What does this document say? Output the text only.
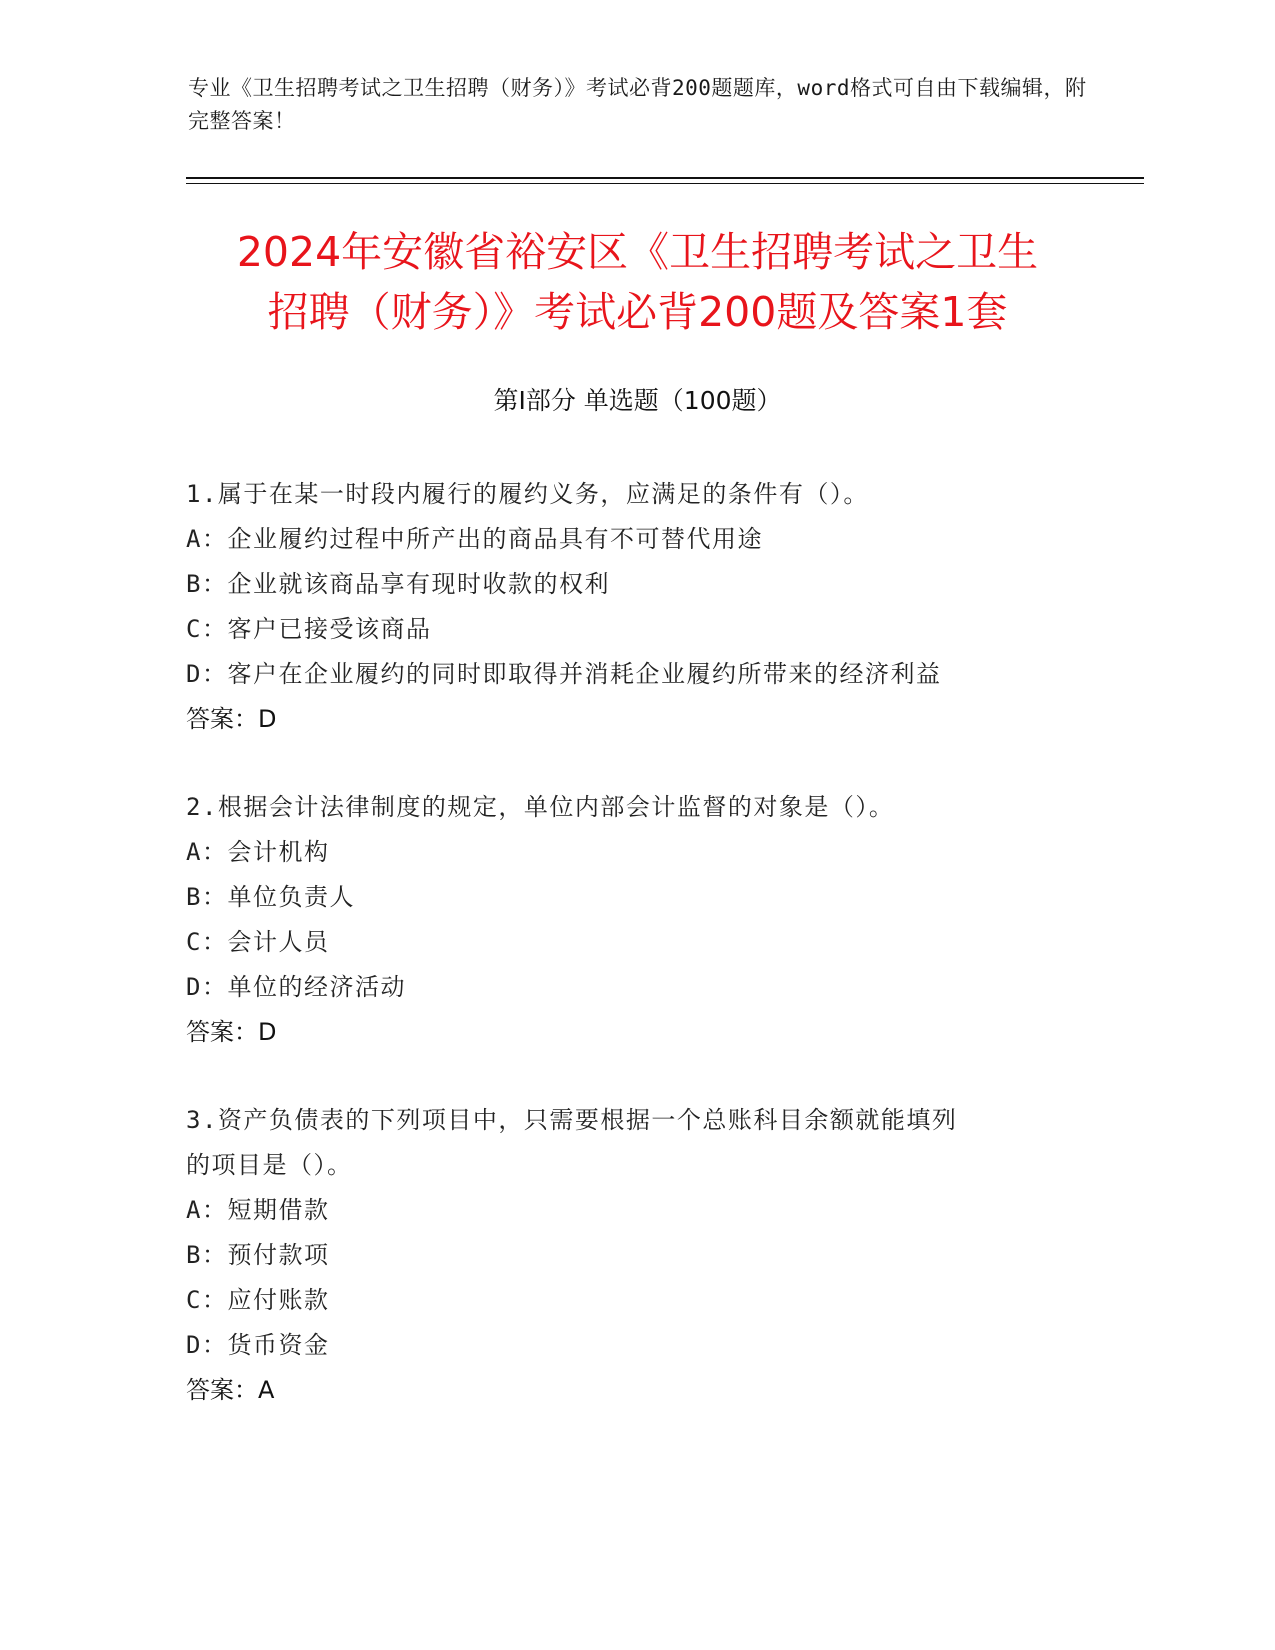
专业《卫生招聘考试之卫生招聘（财务）》考试必背200题题库，word格式可自由下载编辑，附完整答案！
2024年安徽省裕安区《卫生招聘考试之卫生
招聘（财务）》考试必背200题及答案1套
第Ⅰ部分 单选题（100题）
1.属于在某一时段内履行的履约义务，应满足的条件有（）。
A：企业履约过程中所产出的商品具有不可替代用途
B：企业就该商品享有现时收款的权利
C：客户已接受该商品
D：客户在企业履约的同时即取得并消耗企业履约所带来的经济利益
答案：D
2.根据会计法律制度的规定，单位内部会计监督的对象是（）。
A：会计机构
B：单位负责人
C：会计人员
D：单位的经济活动
答案：D
3.资产负债表的下列项目中，只需要根据一个总账科目余额就能填列
的项目是（）。
A：短期借款
B：预付款项
C：应付账款
D：货币资金
答案：A
